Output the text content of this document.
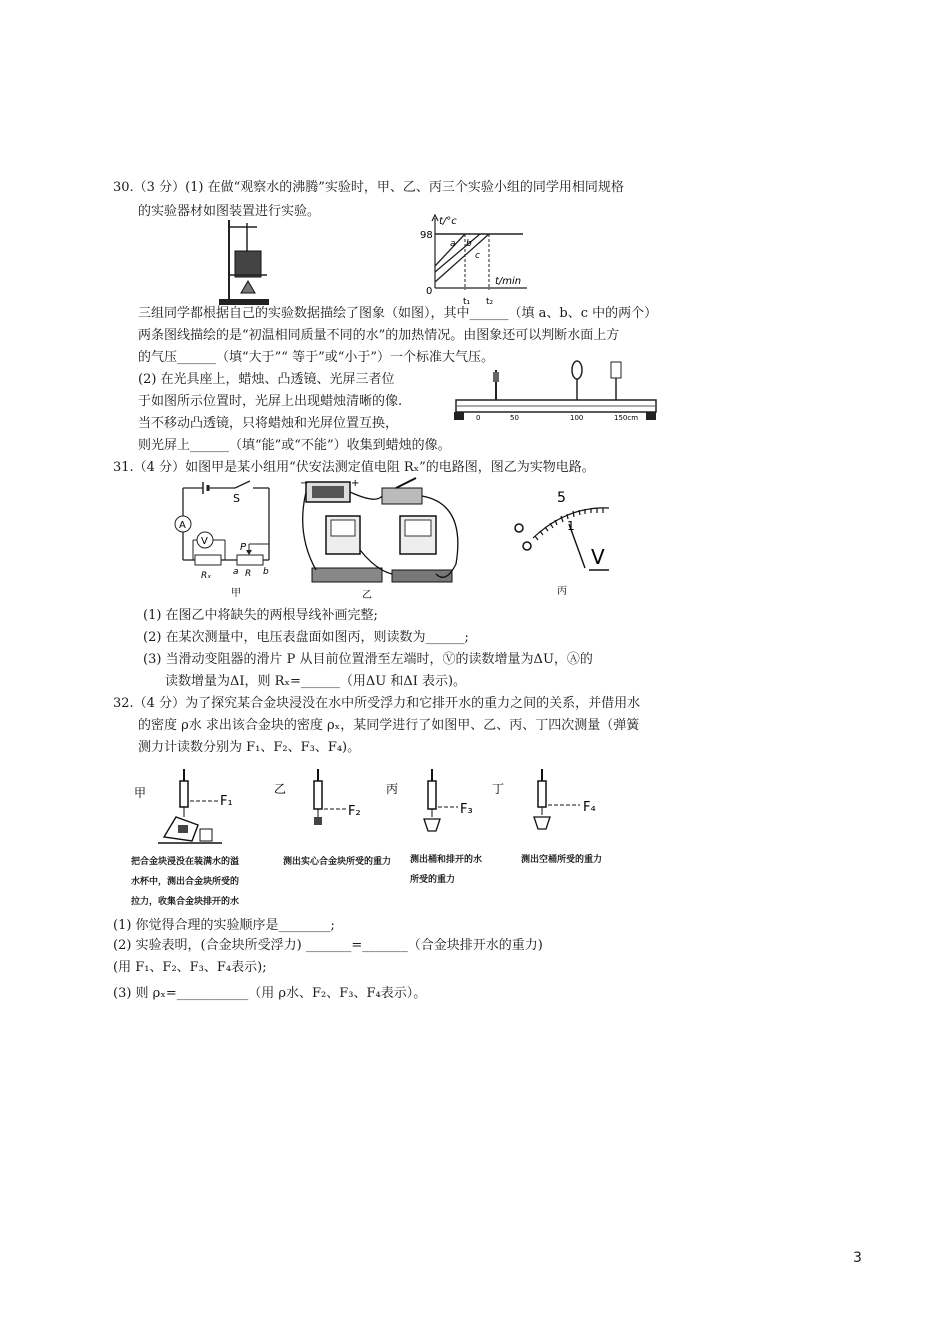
30.（3 分）(1) 在做“观察水的沸腾”实验时，甲、乙、丙三个实验小组的同学用相同规格
的实验器材如图装置进行实验。
t/°c
98
0
t/min
t₁ t₂
a b
c
三组同学都根据自己的实验数据描绘了图象（如图），其中______（填 a、b、c 中的两个）
两条图线描绘的是“初温相同质量不同的水”的加热情况。由图象还可以判断水面上方
的气压______（填“大于”“ 等于”或“小于”）一个标准大气压。
(2) 在光具座上，蜡烛、凸透镜、光屏三者位
于如图所示位置时，光屏上出现蜡烛清晰的像.
当不移动凸透镜，只将蜡烛和光屏位置互换，
则光屏上______（填“能”或“不能”）收集到蜡烛的像。
0	50	100	150cm
31.（4 分）如图甲是某小组用“伏安法测定值电阻 Rₓ”的电路图，图乙为实物电路。
S
A
V
P
Rₓ a R b
甲
−	+
乙
5
1
V
丙
(1) 在图乙中将缺失的两根导线补画完整;
(2) 在某次测量中，电压表盘面如图丙，则读数为______;
(3) 当滑动变阻器的滑片 P 从目前位置滑至左端时，Ⓥ的读数增量为ΔU，Ⓐ的
读数增量为ΔI，则 Rₓ=______（用ΔU 和ΔI 表示)。
32.（4 分）为了探究某合金块浸没在水中所受浮力和它排开水的重力之间的关系，并借用水
的密度 ρ水 求出该合金块的密度 ρₓ，某同学进行了如图甲、乙、丙、丁四次测量（弹簧
测力计读数分别为 F₁、F₂、F₃、F₄)。
甲	乙	丙	丁
F₁
F₂	F₃	F₄
把合金块浸没在装满水的溢
水杯中，测出合金块所受的
拉力，收集合金块排开的水
测出实心合金块所受的重力 测出桶和排开的水
所受的重力
测出空桶所受的重力
(1) 你觉得合理的实验顺序是________;
(2) 实验表明，(合金块所受浮力) _______=_______（合金块排开水的重力)
(用 F₁、F₂、F₃、F₄表示);
(3) 则 ρₓ=___________（用 ρ水、F₂、F₃、F₄表示）。
3
